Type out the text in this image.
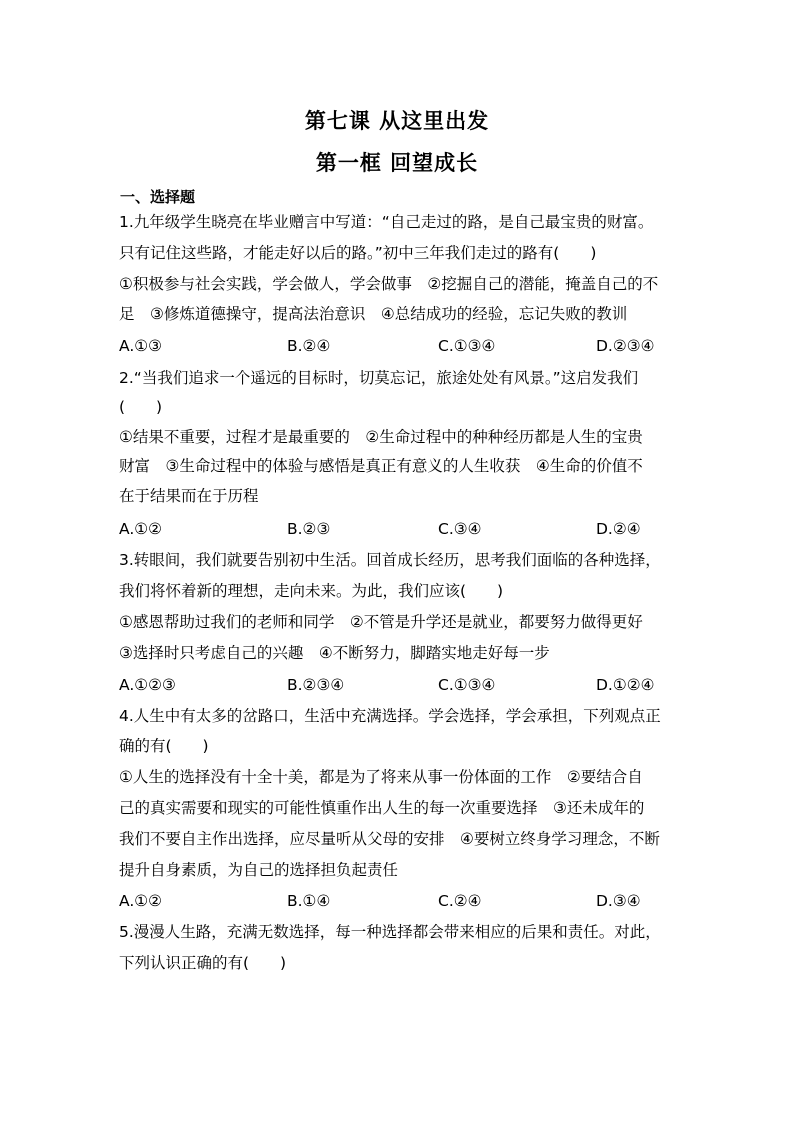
第七课 从这里出发
第一框 回望成长
一、选择题
1.九年级学生晓亮在毕业赠言中写道：“自己走过的路，是自己最宝贵的财富。
只有记住这些路，才能走好以后的路。”初中三年我们走过的路有(　　)
①积极参与社会实践，学会做人，学会做事　②挖掘自己的潜能，掩盖自己的不
足　③修炼道德操守，提高法治意识　④总结成功的经验，忘记失败的教训
A.①③	B.②④	C.①③④	D.②③④
2.“当我们追求一个遥远的目标时，切莫忘记，旅途处处有风景。”这启发我们
(　　)
①结果不重要，过程才是最重要的　②生命过程中的种种经历都是人生的宝贵
财富　③生命过程中的体验与感悟是真正有意义的人生收获　④生命的价值不
在于结果而在于历程
A.①②	B.②③	C.③④	D.②④
3.转眼间，我们就要告别初中生活。回首成长经历，思考我们面临的各种选择，
我们将怀着新的理想，走向未来。为此，我们应该(　　)
①感恩帮助过我们的老师和同学　②不管是升学还是就业，都要努力做得更好
③选择时只考虑自己的兴趣　④不断努力，脚踏实地走好每一步
A.①②③	B.②③④	C.①③④	D.①②④
4.人生中有太多的岔路口，生活中充满选择。学会选择，学会承担，下列观点正
确的有(　　)
①人生的选择没有十全十美，都是为了将来从事一份体面的工作　②要结合自
己的真实需要和现实的可能性慎重作出人生的每一次重要选择　③还未成年的
我们不要自主作出选择，应尽量听从父母的安排　④要树立终身学习理念，不断
提升自身素质，为自己的选择担负起责任
A.①②	B.①④	C.②④	D.③④
5.漫漫人生路，充满无数选择，每一种选择都会带来相应的后果和责任。对此，
下列认识正确的有(　　)
